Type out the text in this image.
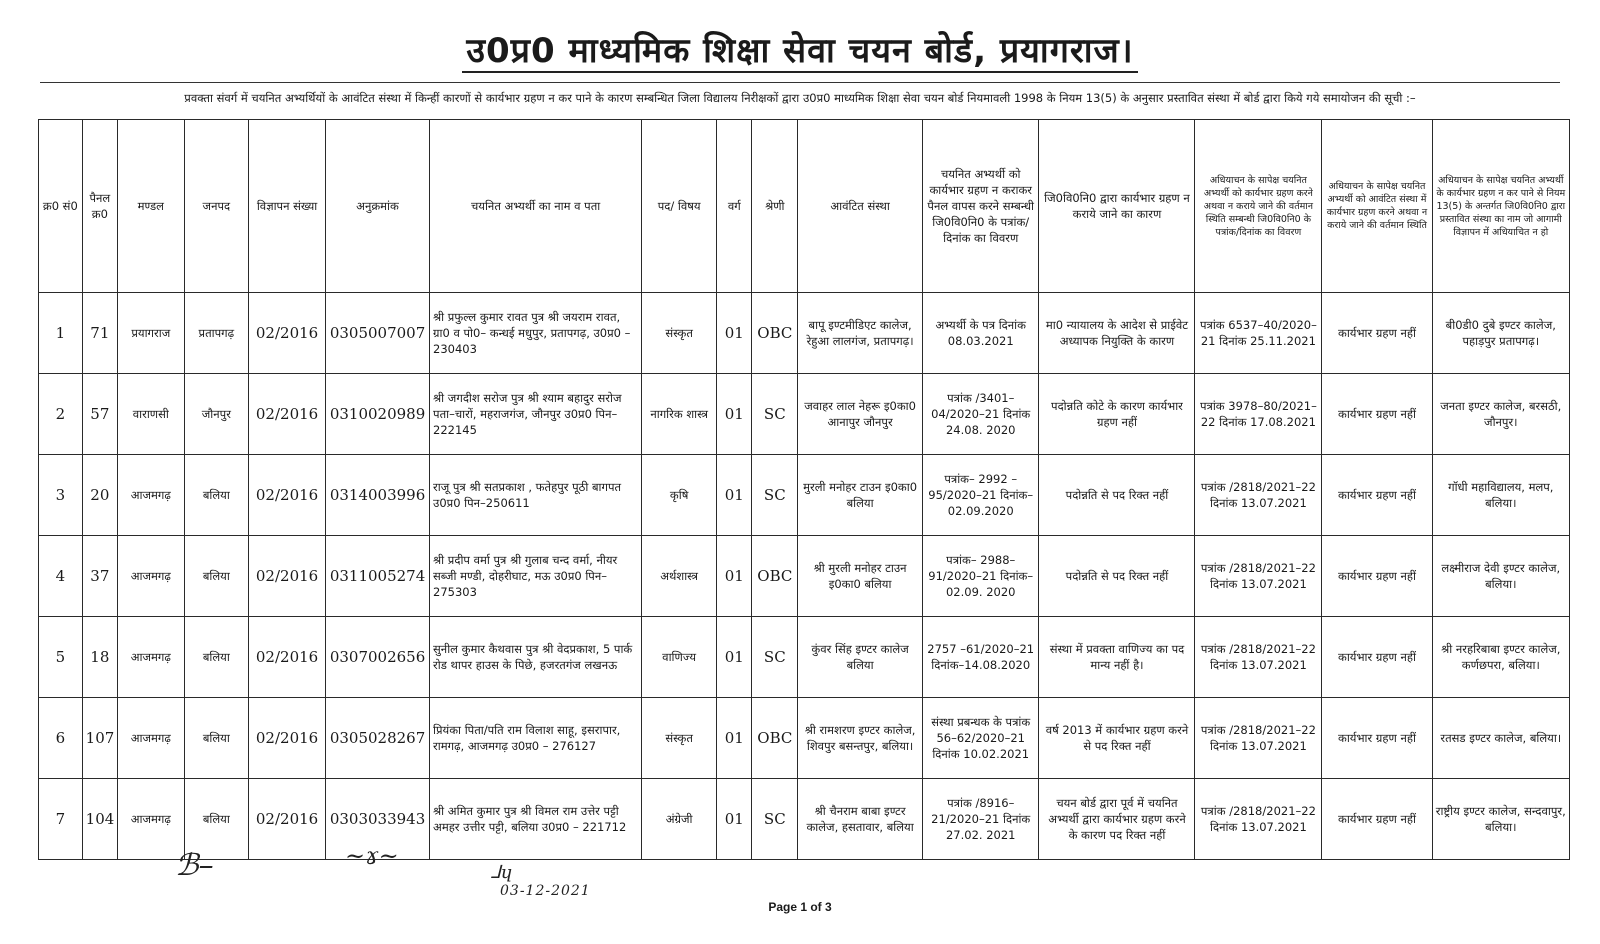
उ0प्र0 माध्यमिक शिक्षा सेवा चयन बोर्ड, प्रयागराज।
प्रवक्ता संवर्ग में चयनित अभ्यर्थियों के आवंटित संस्था में किन्हीं कारणों से कार्यभार ग्रहण न कर पाने के कारण सम्बन्धित जिला विद्यालय निरीक्षकों द्वारा उ0प्र0 माध्यमिक शिक्षा सेवा चयन बोर्ड नियमावली 1998 के नियम 13(5) के अनुसार प्रस्तावित संस्था में बोर्ड द्वारा किये गये समायोजन की सूची :–
क्र0 सं0	पैनल क्र0	मण्डल	जनपद	विज्ञापन संख्या	अनुक्रमांक	चयनित अभ्यर्थी का नाम व पता	पद/ विषय	वर्ग	श्रेणी	आवंटित संस्था	चयनित अभ्यर्थी को कार्यभार ग्रहण न कराकर पैनल वापस करने सम्बन्धी जि0वि0नि0 के पत्रांक/दिनांक का विवरण	जि0वि0नि0 द्वारा कार्यभार ग्रहण न कराये जाने का कारण	अधियाचन के सापेक्ष चयनित अभ्यर्थी को कार्यभार ग्रहण करने अथवा न कराये जाने की वर्तमान स्थिति सम्बन्धी जि0वि0नि0 के पत्रांक/दिनांक का विवरण	अधियाचन के सापेक्ष चयनित अभ्यर्थी को आवंटित संस्था में कार्यभार ग्रहण करने अथवा न कराये जाने की वर्तमान स्थिति	अधियाचन के सापेक्ष चयनित अभ्यर्थी के कार्यभार ग्रहण न कर पाने से नियम 13(5) के अन्तर्गत जि0वि0नि0 द्वारा प्रस्तावित संस्था का नाम जो आगामी विज्ञापन में अधियाचित न हो
1	71	प्रयागराज	प्रतापगढ़	02/2016	0305007007	श्री प्रफुल्ल कुमार रावत पुत्र श्री जयराम रावत, ग्रा0 व पो0– कन्धई मधुपुर, प्रतापगढ़, उ0प्र0 – 230403	संस्कृत	01	OBC	बापू इण्टमीडिएट कालेज, रेहुआ लालगंज, प्रतापगढ़।	अभ्यर्थी के पत्र दिनांक 08.03.2021	मा0 न्यायालय के आदेश से प्राईवेट अध्यापक नियुक्ति के कारण	पत्रांक 6537–40/2020–21 दिनांक 25.11.2021	कार्यभार ग्रहण नहीं	बी0डी0 दुबे इण्टर कालेज, पहाड़पुर प्रतापगढ़।
2	57	वाराणसी	जौनपुर	02/2016	0310020989	श्री जगदीश सरोज पुत्र श्री श्याम बहादुर सरोज पता–चारों, महराजगंज, जौनपुर उ0प्र0 पिन–222145	नागरिक शास्त्र	01	SC	जवाहर लाल नेहरू इ0का0 आनापुर जौनपुर	पत्रांक /3401–04/2020–21 दिनांक 24.08. 2020	पदोन्नति कोटे के कारण कार्यभार ग्रहण नहीं	पत्रांक 3978–80/2021–22 दिनांक 17.08.2021	कार्यभार ग्रहण नहीं	जनता इण्टर कालेज, बरसठी, जौनपुर।
3	20	आजमगढ़	बलिया	02/2016	0314003996	राजू पुत्र श्री सतप्रकाश , फतेहपुर पूठी बागपत उ0प्र0 पिन–250611	कृषि	01	SC	मुरली मनोहर टाउन इ0का0 बलिया	पत्रांक– 2992 –95/2020–21 दिनांक– 02.09.2020	पदोन्नति से पद रिक्त नहीं	पत्रांक /2818/2021–22 दिनांक 13.07.2021	कार्यभार ग्रहण नहीं	गॉधी महाविद्यालय, मलप, बलिया।
4	37	आजमगढ़	बलिया	02/2016	0311005274	श्री प्रदीप वर्मा पुत्र श्री गुलाब चन्द वर्मा, नीयर सब्जी मण्डी, दोहरीघाट, मऊ उ0प्र0 पिन–275303	अर्थशास्त्र	01	OBC	श्री मुरली मनोहर टाउन इ0का0 बलिया	पत्रांक– 2988–91/2020–21 दिनांक– 02.09. 2020	पदोन्नति से पद रिक्त नहीं	पत्रांक /2818/2021–22 दिनांक 13.07.2021	कार्यभार ग्रहण नहीं	लक्ष्मीराज देवी इण्टर कालेज, बलिया।
5	18	आजमगढ़	बलिया	02/2016	0307002656	सुनील कुमार कैथवास पुत्र श्री वेदप्रकाश, 5 पार्क रोड थापर हाउस के पिछे, हजरतगंज लखनऊ	वाणिज्य	01	SC	कुंवर सिंह इण्टर कालेज बलिया	2757 –61/2020–21 दिनांक–14.08.2020	संस्था में प्रवक्ता वाणिज्य का पद मान्य नहीं है।	पत्रांक /2818/2021–22 दिनांक 13.07.2021	कार्यभार ग्रहण नहीं	श्री नरहरिबाबा इण्टर कालेज, कर्णछपरा, बलिया।
6	107	आजमगढ़	बलिया	02/2016	0305028267	प्रियंका पिता/पति राम विलाश साहू, इसरापार, रामगढ़, आजमगढ़ उ0प्र0 – 276127	संस्कृत	01	OBC	श्री रामशरण इण्टर कालेज, शिवपुर बसन्तपुर, बलिया।	संस्था प्रबन्धक के पत्रांक 56–62/2020–21 दिनांक 10.02.2021	वर्ष 2013 में कार्यभार ग्रहण करने से पद रिक्त नहीं	पत्रांक /2818/2021–22 दिनांक 13.07.2021	कार्यभार ग्रहण नहीं	रतसड इण्टर कालेज, बलिया।
7	104	आजमगढ़	बलिया	02/2016	0303033943	श्री अमित कुमार पुत्र श्री विमल राम उत्तेर पट्टी अमहर उत्तीर पट्टी, बलिया उ0प्र0 – 221712	अंग्रेजी	01	SC	श्री चैनराम बाबा इण्टर कालेज, हसतावार, बलिया	पत्रांक /8916–21/2020–21 दिनांक 27.02. 2021	चयन बोर्ड द्वारा पूर्व में चयनित अभ्यर्थी द्वारा कार्यभार ग्रहण करने के कारण पद रिक्त नहीं	पत्रांक /2818/2021–22 दिनांक 13.07.2021	कार्यभार ग्रहण नहीं	राष्ट्रीय इण्टर कालेज, सन्दवापुर, बलिया।
ℬ–	~ɤ~
ᒧɥ
03-12-2021
Page 1 of 3
